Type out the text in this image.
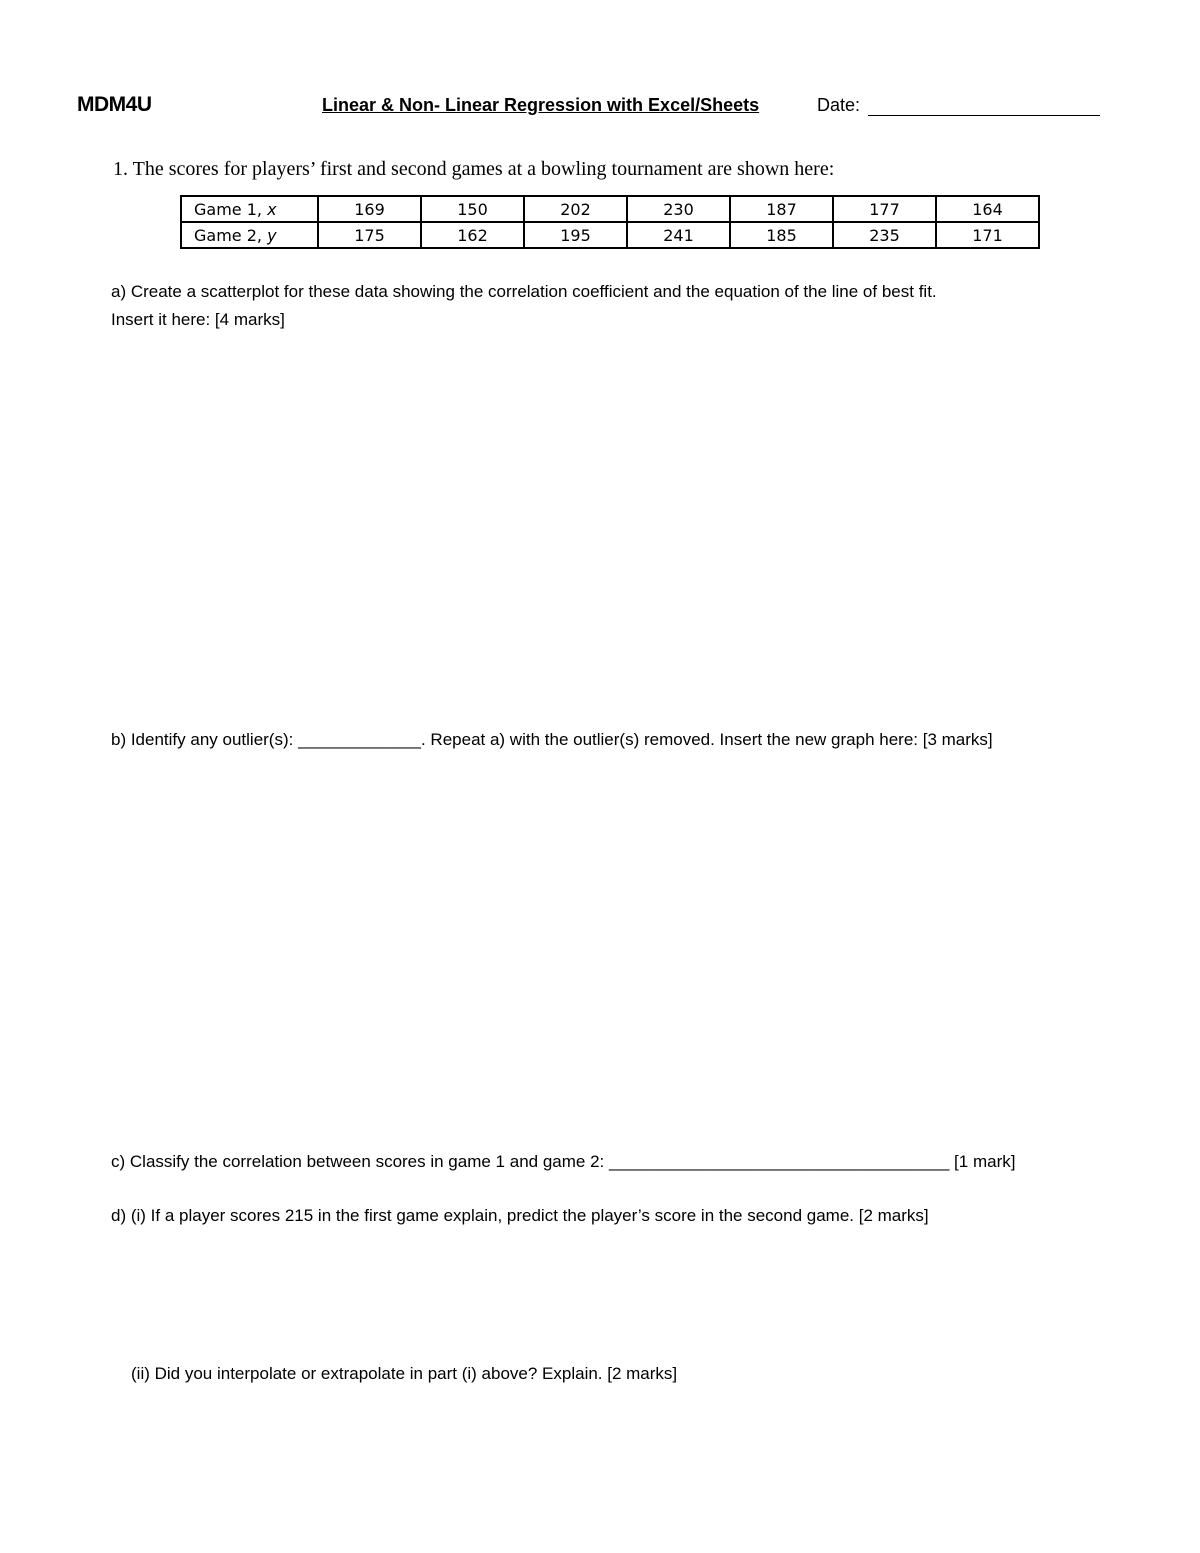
MDM4U	Linear & Non- Linear Regression with Excel/Sheets	Date:
1. The scores for players’ first and second games at a bowling tournament are shown here:
Game 1, x	169	150	202	230	187	177	164
Game 2, y	175	162	195	241	185	235	171
a) Create a scatterplot for these data showing the correlation coefficient and the equation of the line of best fit.
Insert it here: [4 marks]
b) Identify any outlier(s): _____________. Repeat a) with the outlier(s) removed. Insert the new graph here: [3 marks]
c) Classify the correlation between scores in game 1 and game 2: ____________________________________ [1 mark]
d) (i) If a player scores 215 in the first game explain, predict the player’s score in the second game. [2 marks]
(ii) Did you interpolate or extrapolate in part (i) above? Explain. [2 marks]
